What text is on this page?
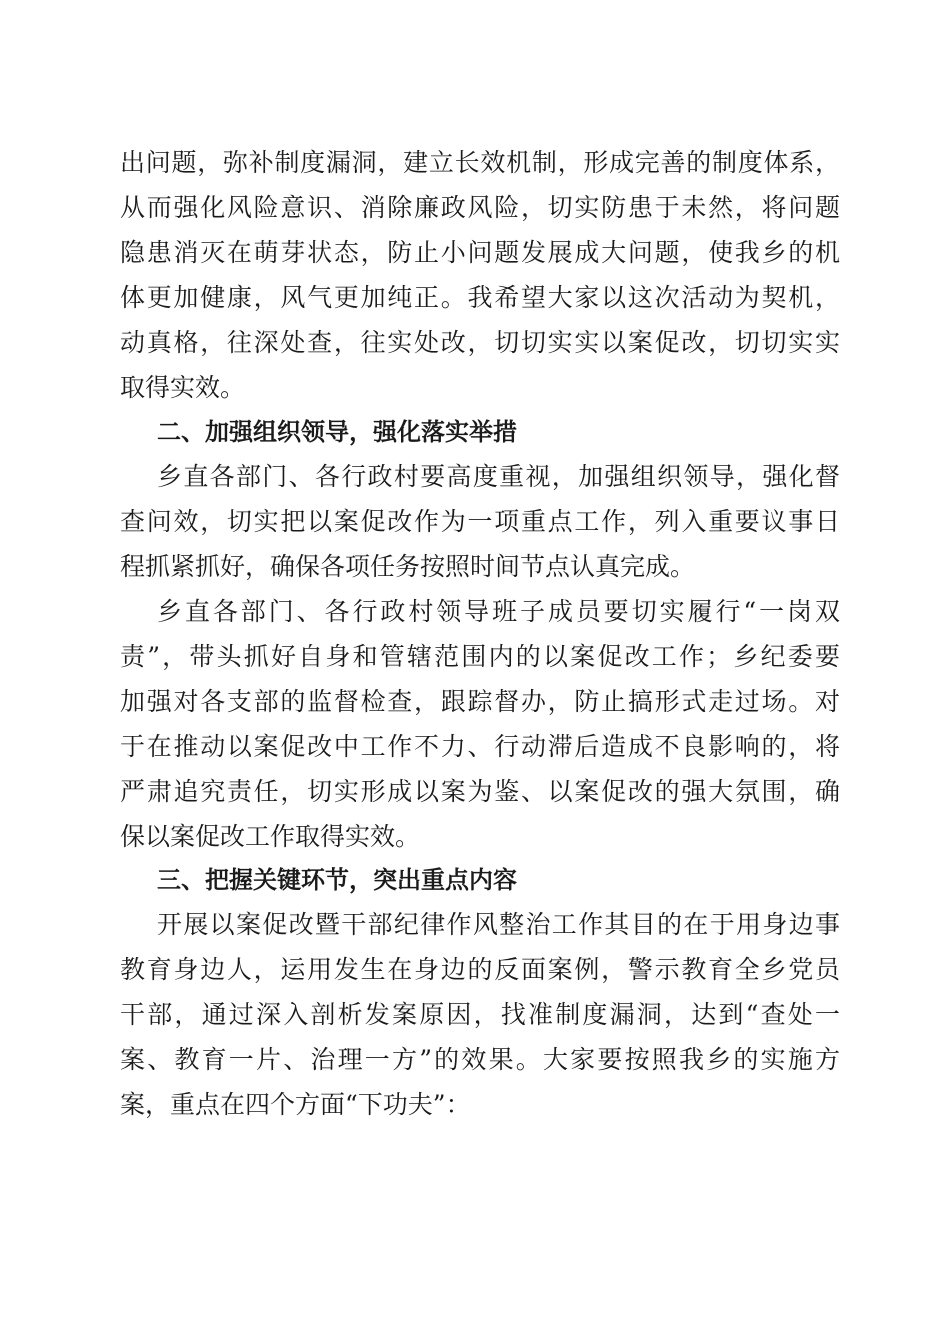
出问题，弥补制度漏洞，建立长效机制，形成完善的制度体系，
从而强化风险意识、消除廉政风险，切实防患于未然，将问题
隐患消灭在萌芽状态，防止小问题发展成大问题，使我乡的机
体更加健康，风气更加纯正。我希望大家以这次活动为契机，
动真格，往深处查，往实处改，切切实实以案促改，切切实实
取得实效。
二、加强组织领导，强化落实举措
乡直各部门、各行政村要高度重视，加强组织领导，强化督
查问效，切实把以案促改作为一项重点工作，列入重要议事日
程抓紧抓好，确保各项任务按照时间节点认真完成。
乡直各部门、各行政村领导班子成员要切实履行“一岗双
责”，带头抓好自身和管辖范围内的以案促改工作；乡纪委要
加强对各支部的监督检查，跟踪督办，防止搞形式走过场。对
于在推动以案促改中工作不力、行动滞后造成不良影响的，将
严肃追究责任，切实形成以案为鉴、以案促改的强大氛围，确
保以案促改工作取得实效。
三、把握关键环节，突出重点内容
开展以案促改暨干部纪律作风整治工作其目的在于用身边事
教育身边人，运用发生在身边的反面案例，警示教育全乡党员
干部，通过深入剖析发案原因，找准制度漏洞，达到“查处一
案、教育一片、治理一方”的效果。大家要按照我乡的实施方
案，重点在四个方面“下功夫”：
